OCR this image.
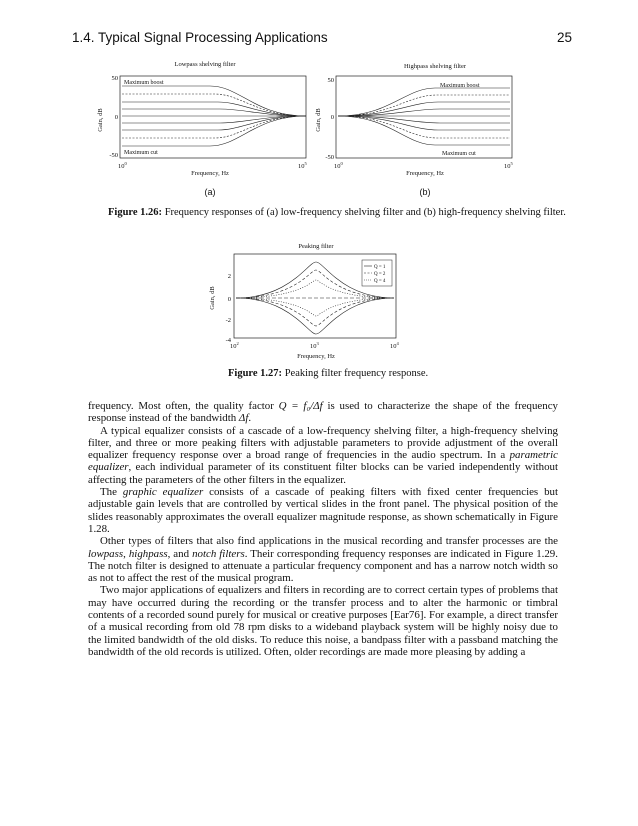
1.4. Typical Signal Processing Applications	25
Lowpass shelving filter
Gain, dB
50
0
-50
Maximum boost
Maximum cut
$10^0$	$10^5$
Frequency, Hz
Highpass shelving filter
Gain, dB
50
0
-50
Maximum boost
Maximum cut
$10^0$	$10^5$
Frequency, Hz
(a)	(b)
Figure 1.26: Frequency responses of (a) low-frequency shelving filter and (b) high-frequency shelving filter.
Peaking filter
Gain, dB
2
0
-2
-4
Q = 1
Q = 2
Q = 4
$10^2$	$10^3$	$10^4$
Frequency, Hz
Figure 1.27: Peaking filter frequency response.

frequency. Most often, the quality factor Q = f₀/Δf is used to characterize the shape of the frequency response instead of the bandwidth Δf.

A typical equalizer consists of a cascade of a low-frequency shelving filter, a high-frequency shelving filter, and three or more peaking filters with adjustable parameters to provide adjustment of the overall equalizer frequency response over a broad range of frequencies in the audio spectrum. In a parametric equalizer, each individual parameter of its constituent filter blocks can be varied independently without affecting the parameters of the other filters in the equalizer.

The graphic equalizer consists of a cascade of peaking filters with fixed center frequencies but adjustable gain levels that are controlled by vertical slides in the front panel. The physical position of the slides reasonably approximates the overall equalizer magnitude response, as shown schematically in Figure 1.28.

Other types of filters that also find applications in the musical recording and transfer processes are the lowpass, highpass, and notch filters. Their corresponding frequency responses are indicated in Figure 1.29. The notch filter is designed to attenuate a particular frequency component and has a narrow notch width so as not to affect the rest of the musical program.

Two major applications of equalizers and filters in recording are to correct certain types of problems that may have occurred during the recording or the transfer process and to alter the harmonic or timbral contents of a recorded sound purely for musical or creative purposes [Ear76]. For example, a direct transfer of a musical recording from old 78 rpm disks to a wideband playback system will be highly noisy due to the limited bandwidth of the old disks. To reduce this noise, a bandpass filter with a passband matching the bandwidth of the old records is utilized. Often, older recordings are made more pleasing by adding a
